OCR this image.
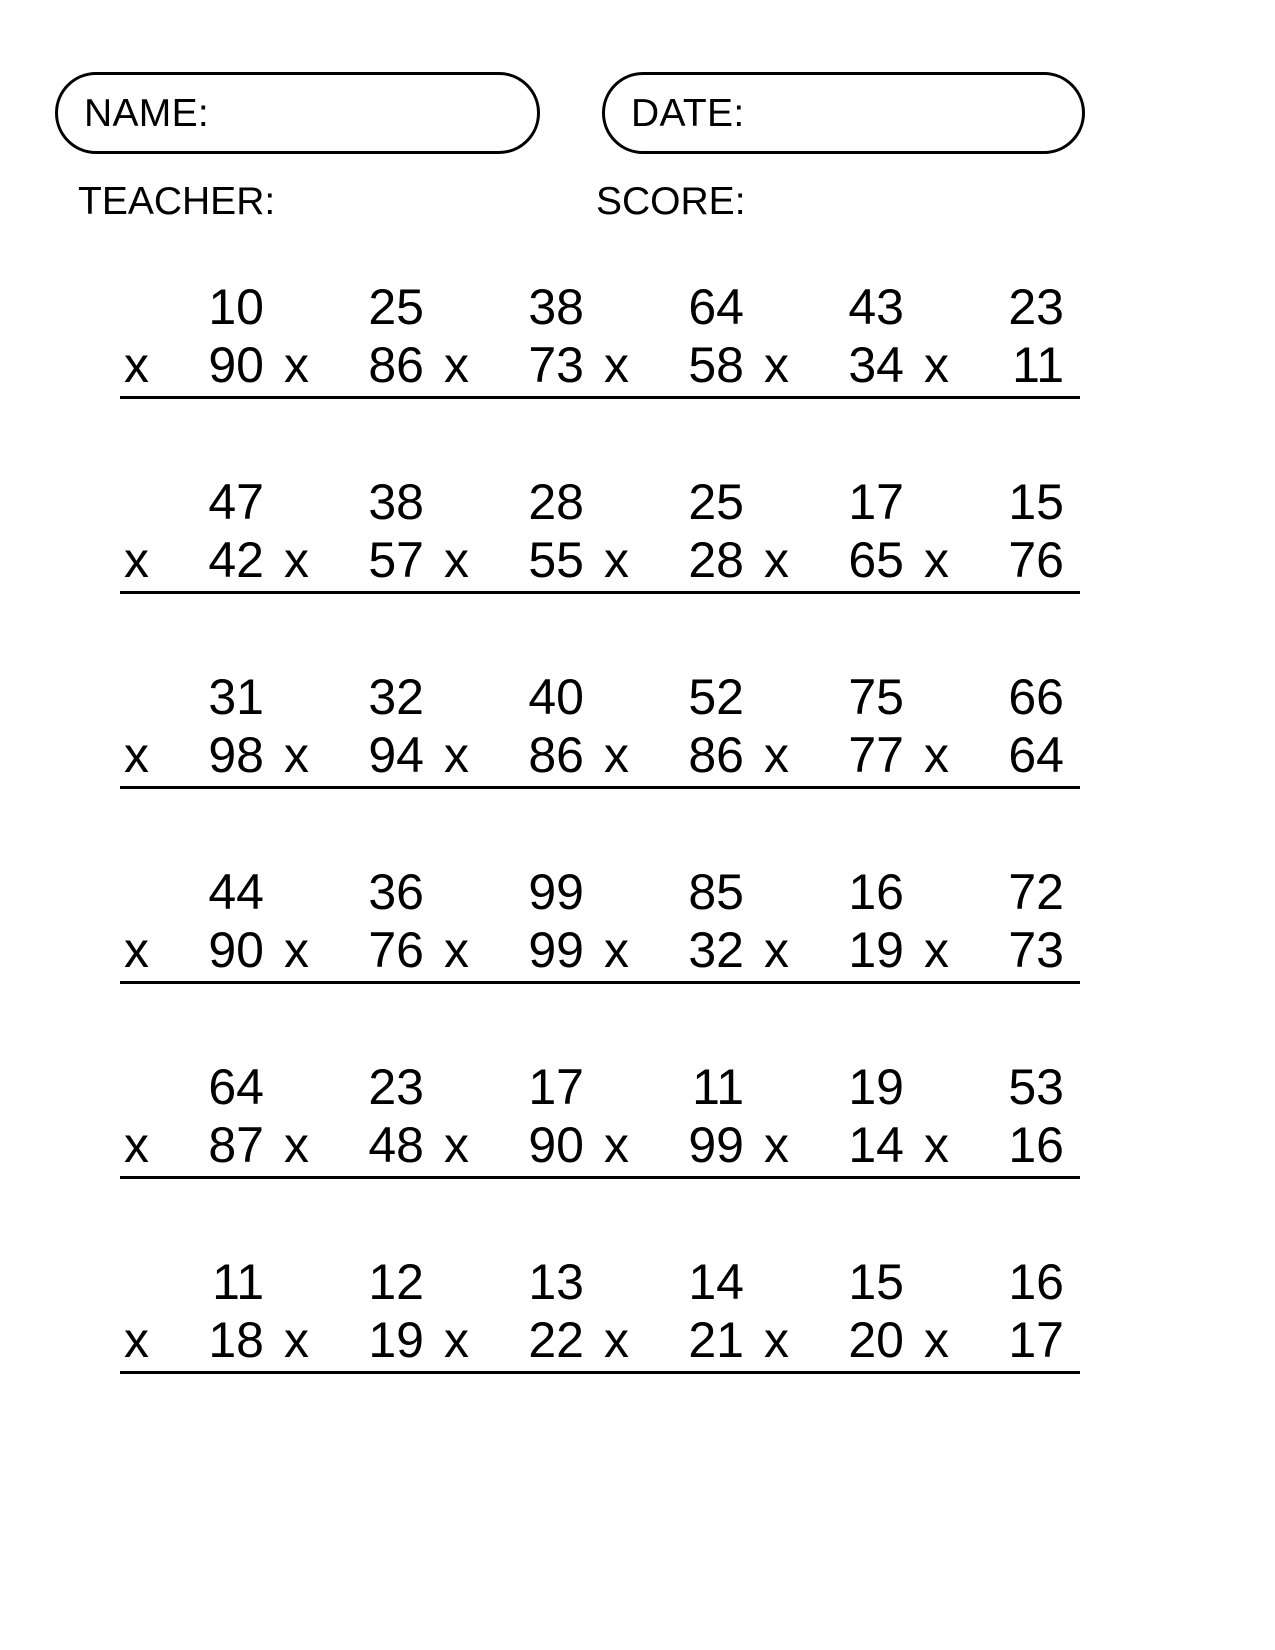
NAME:	DATE:
TEACHER:	SCORE:
10
x 90
25
x 86
38
x 73
64
x 58
43
x 34
23
x 11
47
x 42
38
x 57
28
x 55
25
x 28
17
x 65
15
x 76
31
x 98
32
x 94
40
x 86
52
x 86
75
x 77
66
x 64
44
x 90
36
x 76
99
x 99
85
x 32
16
x 19
72
x 73
64
x 87
23
x 48
17
x 90
11
x 99
19
x 14
53
x 16
11
x 18
12
x 19
13
x 22
14
x 21
15
x 20
16
x 17
